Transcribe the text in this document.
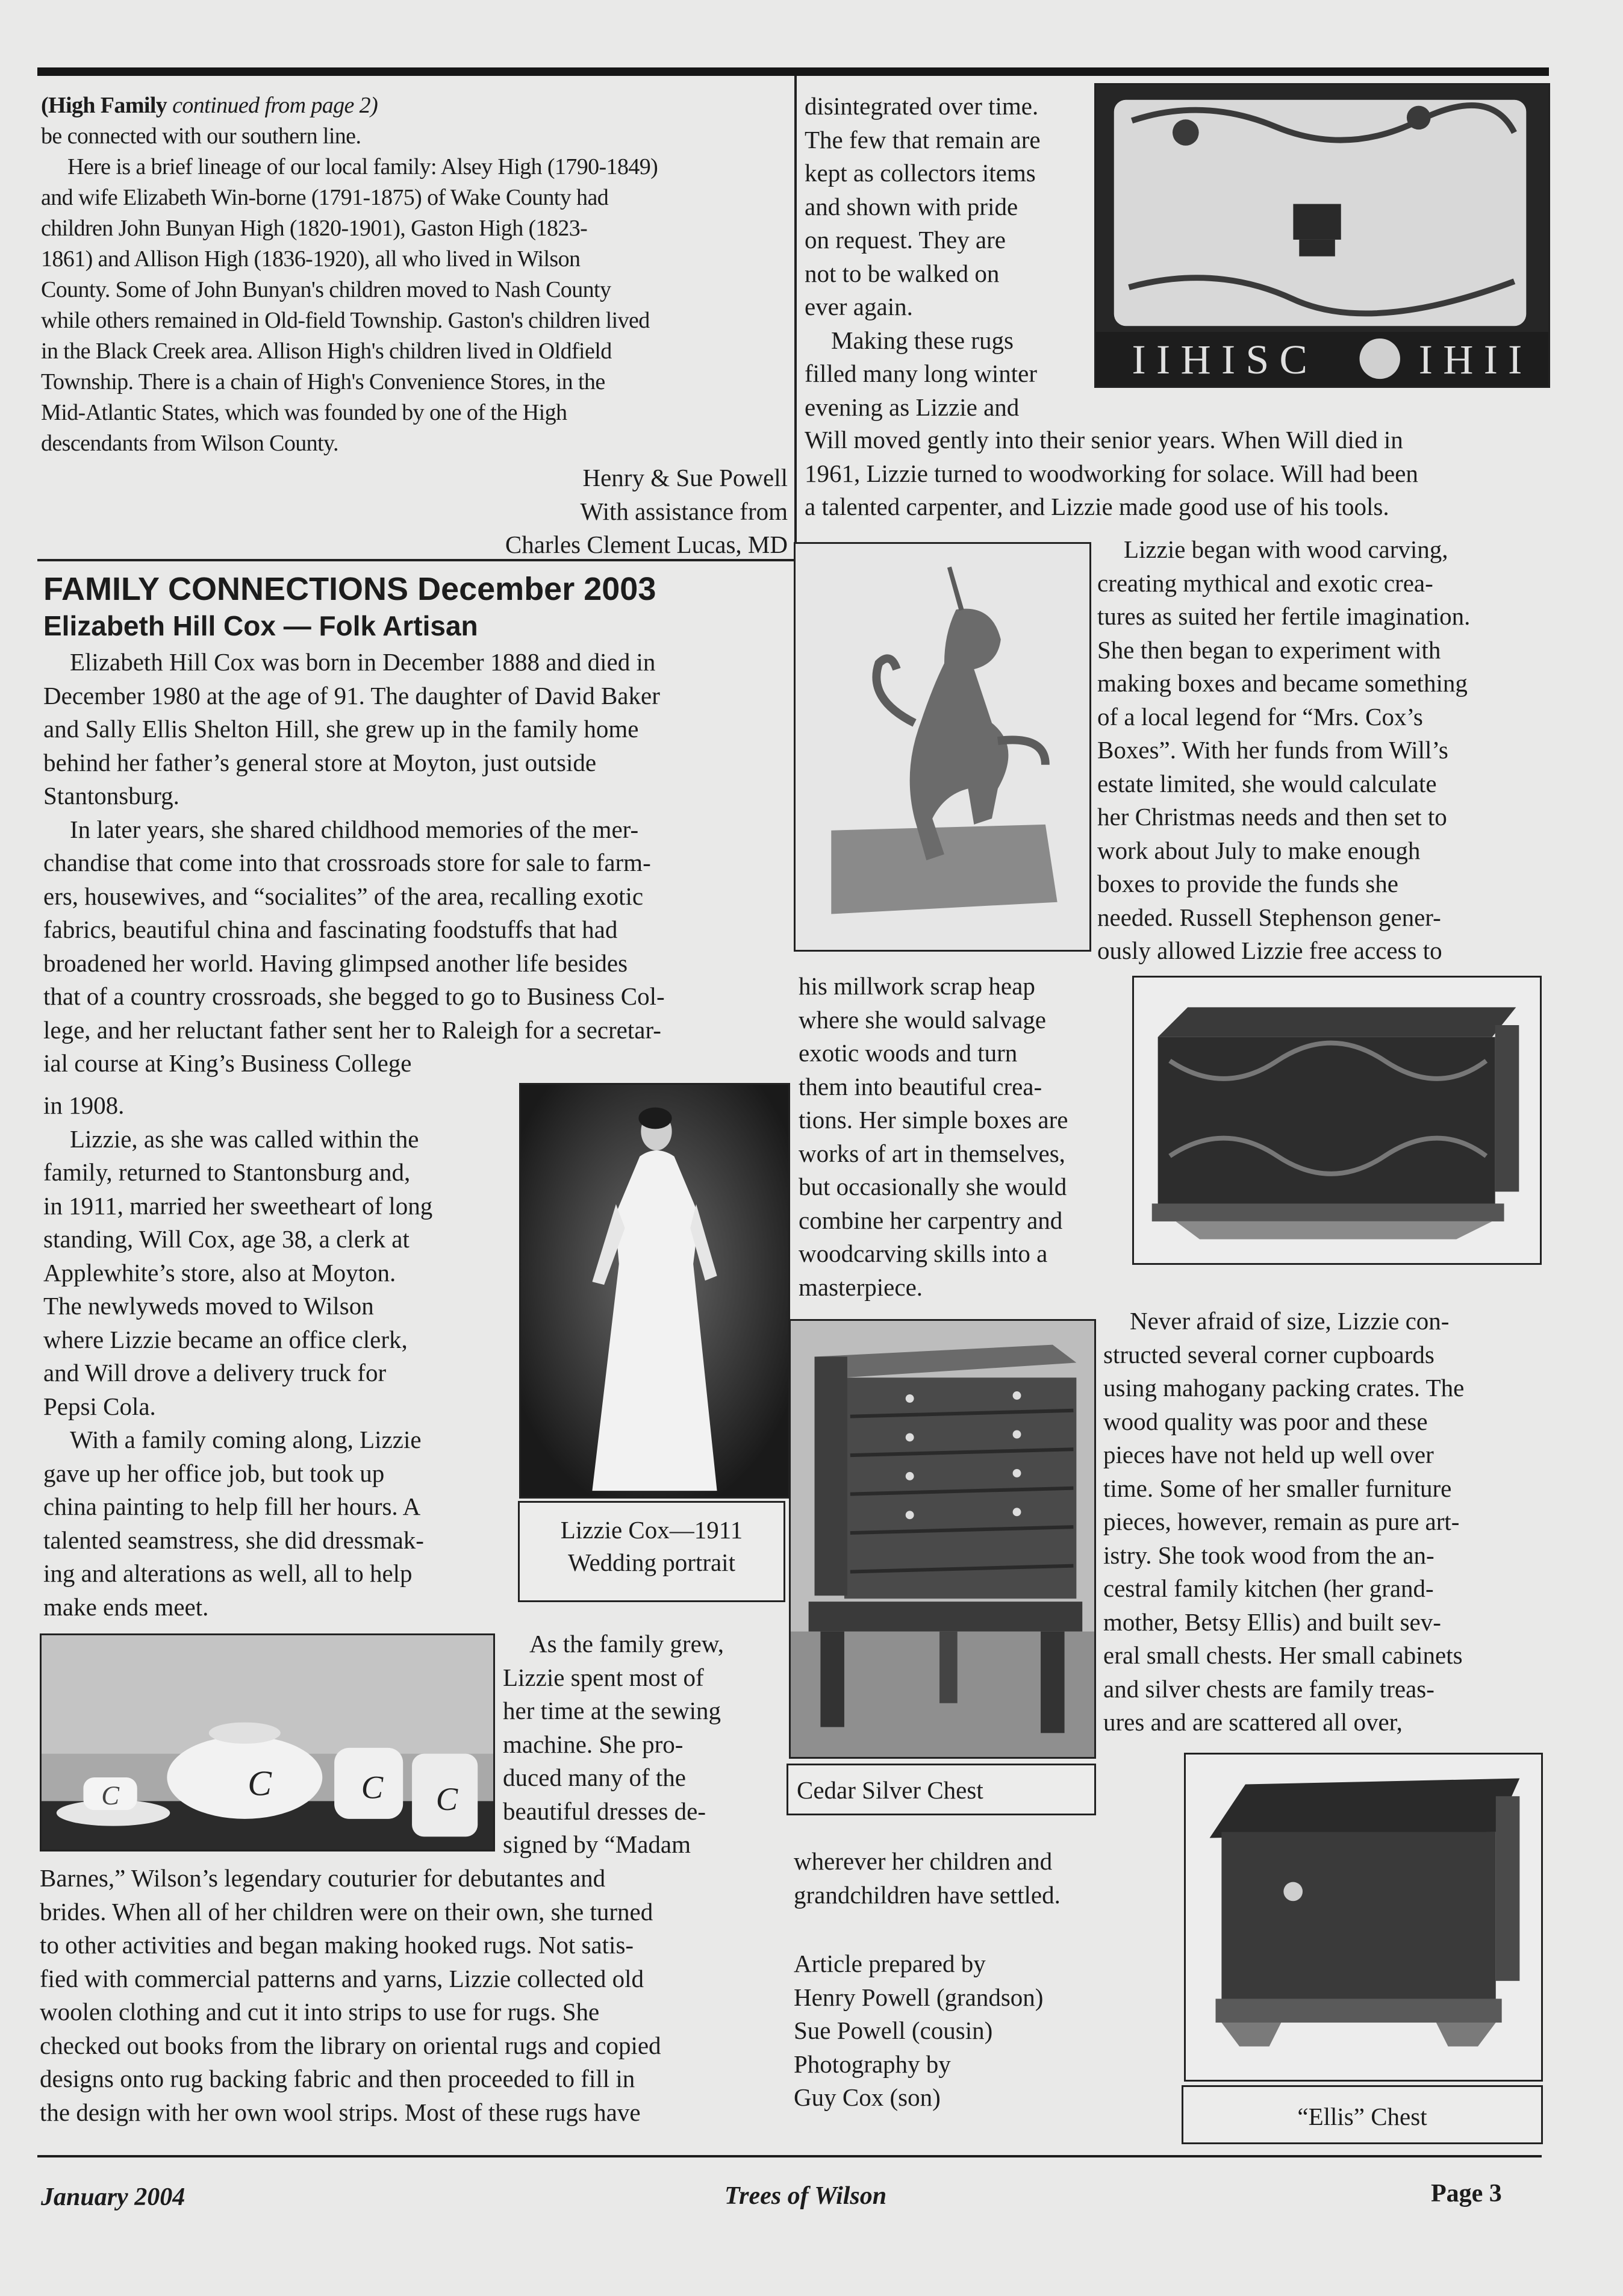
(High Family continued from page 2)

be connected with our southern line.

Here is a brief lineage of our local family: Alsey High (1790-1849)

and wife Elizabeth Win-borne (1791-1875) of Wake County had

children John Bunyan High (1820-1901), Gaston High (1823-

1861) and Allison High (1836-1920), all who lived in Wilson

County. Some of John Bunyan's children moved to Nash County

while others remained in Old-field Township. Gaston's children lived

in the Black Creek area. Allison High's children lived in Oldfield

Township. There is a chain of High's Convenience Stores, in the

Mid-Atlantic States, which was founded by one of the High

descendants from Wilson County.

Henry & Sue Powell

With assistance from

Charles Clement Lucas, MD

FAMILY CONNECTIONS December 2003

Elizabeth Hill Cox — Folk Artisan

Elizabeth Hill Cox was born in December 1888 and died in

December 1980 at the age of 91. The daughter of David Baker

and Sally Ellis Shelton Hill, she grew up in the family home

behind her father’s general store at Moyton, just outside

Stantonsburg.

In later years, she shared childhood memories of the mer-

chandise that come into that crossroads store for sale to farm-

ers, housewives, and “socialites” of the area, recalling exotic

fabrics, beautiful china and fascinating foodstuffs that had

broadened her world. Having glimpsed another life besides

that of a country crossroads, she begged to go to Business Col-

lege, and her reluctant father sent her to Raleigh for a secretar-

ial course at King’s Business College

in 1908.

Lizzie, as she was called within the

family, returned to Stantonsburg and,

in 1911, married her sweetheart of long

standing, Will Cox, age 38, a clerk at

Applewhite’s store, also at Moyton.

The newlyweds moved to Wilson

where Lizzie became an office clerk,

and Will drove a delivery truck for

Pepsi Cola.

With a family coming along, Lizzie

gave up her office job, but took up

china painting to help fill her hours. A

talented seamstress, she did dressmak-

ing and alterations as well, all to help

make ends meet.

Lizzie Cox—1911
Wedding portrait
C	C C
C

As the family grew,

Lizzie spent most of

her time at the sewing

machine. She pro-

duced many of the

beautiful dresses de-

signed by “Madam

Barnes,” Wilson’s legendary couturier for debutantes and

brides. When all of her children were on their own, she turned

to other activities and began making hooked rugs. Not satis-

fied with commercial patterns and yarns, Lizzie collected old

woolen clothing and cut it into strips to use for rugs. She

checked out books from the library on oriental rugs and copied

designs onto rug backing fabric and then proceeded to fill in

the design with her own wool strips. Most of these rugs have

disintegrated over time.

The few that remain are

kept as collectors items

and shown with pride

on request. They are

not to be walked on

ever again.

Making these rugs

filled many long winter

evening as Lizzie and

I I H I S C	I H I I

Will moved gently into their senior years. When Will died in

1961, Lizzie turned to woodworking for solace. Will had been

a talented carpenter, and Lizzie made good use of his tools.

Lizzie began with wood carving,

creating mythical and exotic crea-

tures as suited her fertile imagination.

She then began to experiment with

making boxes and became something

of a local legend for “Mrs. Cox’s

Boxes”. With her funds from Will’s

estate limited, she would calculate

her Christmas needs and then set to

work about July to make enough

boxes to provide the funds she

needed. Russell Stephenson gener-

ously allowed Lizzie free access to

his millwork scrap heap

where she would salvage

exotic woods and turn

them into beautiful crea-

tions. Her simple boxes are

works of art in themselves,

but occasionally she would

combine her carpentry and

woodcarving skills into a

masterpiece.

Cedar Silver Chest

Never afraid of size, Lizzie con-

structed several corner cupboards

using mahogany packing crates. The

wood quality was poor and these

pieces have not held up well over

time. Some of her smaller furniture

pieces, however, remain as pure art-

istry. She took wood from the an-

cestral family kitchen (her grand-

mother, Betsy Ellis) and built sev-

eral small chests. Her small cabinets

and silver chests are family treas-

ures and are scattered all over,

wherever her children and

grandchildren have settled.

Article prepared by

Henry Powell (grandson)

Sue Powell (cousin)

Photography by

Guy Cox (son)

“Ellis” Chest
January 2004	Trees of Wilson	Page 3
